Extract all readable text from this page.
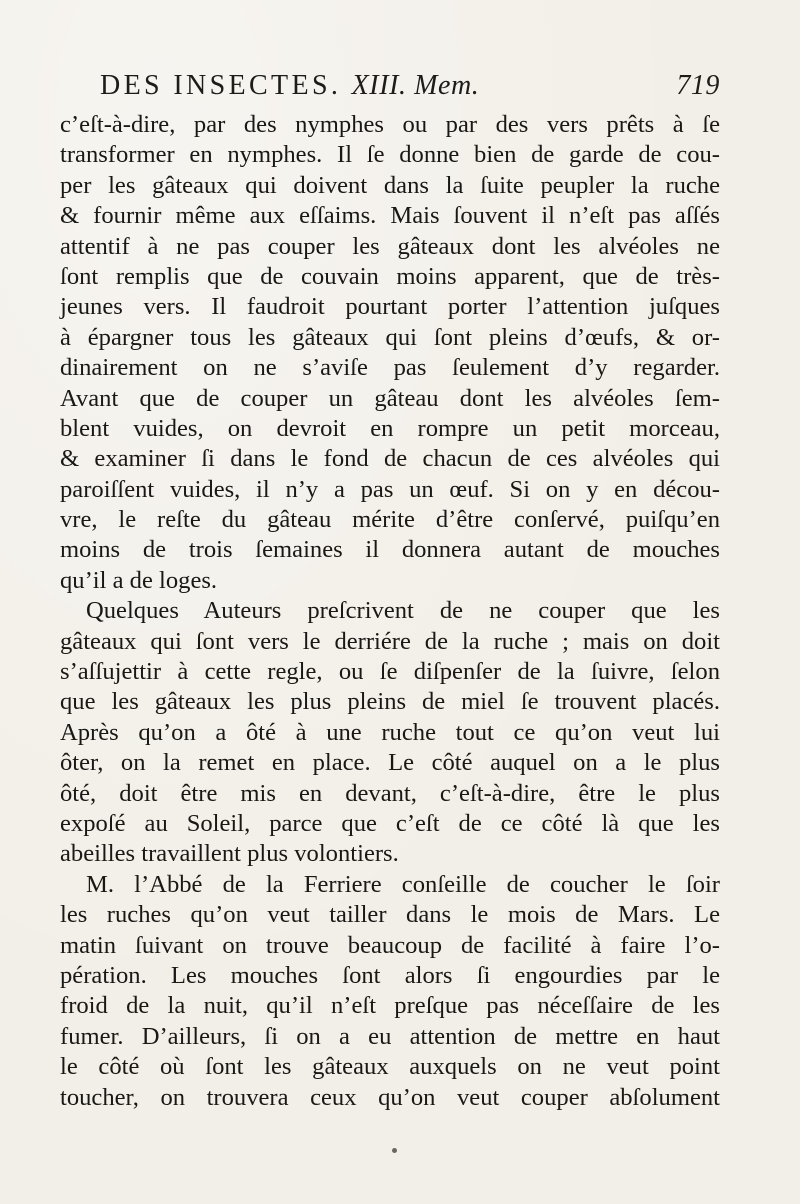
DES INSECTES. XIII. Mem.	719
c’eſt-à-dire, par des nymphes ou par des vers prêts à ſe
transformer en nymphes. Il ſe donne bien de garde de cou-
per les gâteaux qui doivent dans la ſuite peupler la ruche
& fournir même aux eſſaims. Mais ſouvent il n’eſt pas aſſés
attentif à ne pas couper les gâteaux dont les alvéoles ne
ſont remplis que de couvain moins apparent, que de très-
jeunes vers. Il faudroit pourtant porter l’attention juſques
à épargner tous les gâteaux qui ſont pleins d’œufs, & or-
dinairement on ne s’aviſe pas ſeulement d’y regarder.
Avant que de couper un gâteau dont les alvéoles ſem-
blent vuides, on devroit en rompre un petit morceau,
& examiner ſi dans le fond de chacun de ces alvéoles qui
paroiſſent vuides, il n’y a pas un œuf. Si on y en décou-
vre, le reſte du gâteau mérite d’être conſervé, puiſqu’en
moins de trois ſemaines il donnera autant de mouches
qu’il a de loges.
Quelques Auteurs preſcrivent de ne couper que les
gâteaux qui ſont vers le derriére de la ruche ; mais on doit
s’aſſujettir à cette regle, ou ſe diſpenſer de la ſuivre, ſelon
que les gâteaux les plus pleins de miel ſe trouvent placés.
Après qu’on a ôté à une ruche tout ce qu’on veut lui
ôter, on la remet en place. Le côté auquel on a le plus
ôté, doit être mis en devant, c’eſt-à-dire, être le plus
expoſé au Soleil, parce que c’eſt de ce côté là que les
abeilles travaillent plus volontiers.
M. l’Abbé de la Ferriere conſeille de coucher le ſoir
les ruches qu’on veut tailler dans le mois de Mars. Le
matin ſuivant on trouve beaucoup de facilité à faire l’o-
pération. Les mouches ſont alors ſi engourdies par le
froid de la nuit, qu’il n’eſt preſque pas néceſſaire de les
fumer. D’ailleurs, ſi on a eu attention de mettre en haut
le côté où ſont les gâteaux auxquels on ne veut point
toucher, on trouvera ceux qu’on veut couper abſolument
